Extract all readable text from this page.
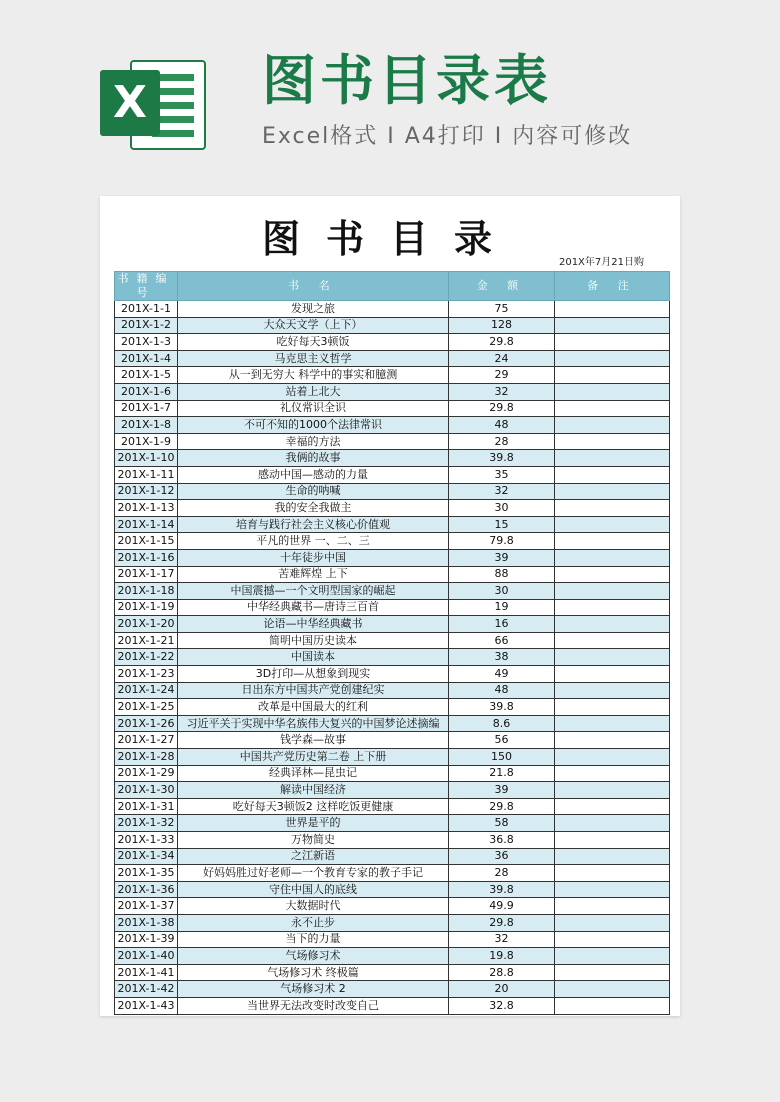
X 图书目录表
Excel格式 I A4打印 I 内容可修改
图书目录
201X年7月21日购
书籍编号	书 名	金 额	备 注
201X-1-1	发现之旅	75	
201X-1-2	大众天文学（上下）	128	
201X-1-3	吃好每天3顿饭	29.8	
201X-1-4	马克思主义哲学	24	
201X-1-5	从一到无穷大 科学中的事实和臆测	29	
201X-1-6	站着上北大	32	
201X-1-7	礼仪常识全识	29.8	
201X-1-8	不可不知的1000个法律常识	48	
201X-1-9	幸福的方法	28	
201X-1-10	我俩的故事	39.8	
201X-1-11	感动中国—感动的力量	35	
201X-1-12	生命的呐喊	32	
201X-1-13	我的安全我做主	30	
201X-1-14	培育与践行社会主义核心价值观	15	
201X-1-15	平凡的世界 一、二、三	79.8	
201X-1-16	十年徒步中国	39	
201X-1-17	苦难辉煌 上下	88	
201X-1-18	中国震撼—一个文明型国家的崛起	30	
201X-1-19	中华经典藏书—唐诗三百首	19	
201X-1-20	论语—中华经典藏书	16	
201X-1-21	简明中国历史读本	66	
201X-1-22	中国读本	38	
201X-1-23	3D打印—从想象到现实	49	
201X-1-24	日出东方中国共产党创建纪实	48	
201X-1-25	改革是中国最大的红利	39.8	
201X-1-26	习近平关于实现中华名族伟大复兴的中国梦论述摘编	8.6	
201X-1-27	钱学森—故事	56	
201X-1-28	中国共产党历史第二卷 上下册	150	
201X-1-29	经典译林—昆虫记	21.8	
201X-1-30	解读中国经济	39	
201X-1-31	吃好每天3顿饭2 这样吃饭更健康	29.8	
201X-1-32	世界是平的	58	
201X-1-33	万物简史	36.8	
201X-1-34	之江新语	36	
201X-1-35	好妈妈胜过好老师—一个教育专家的教子手记	28	
201X-1-36	守住中国人的底线	39.8	
201X-1-37	大数据时代	49.9	
201X-1-38	永不止步	29.8	
201X-1-39	当下的力量	32	
201X-1-40	气场修习术	19.8	
201X-1-41	气场修习术 终极篇	28.8	
201X-1-42	气场修习术 2	20	
201X-1-43	当世界无法改变时改变自己	32.8	
